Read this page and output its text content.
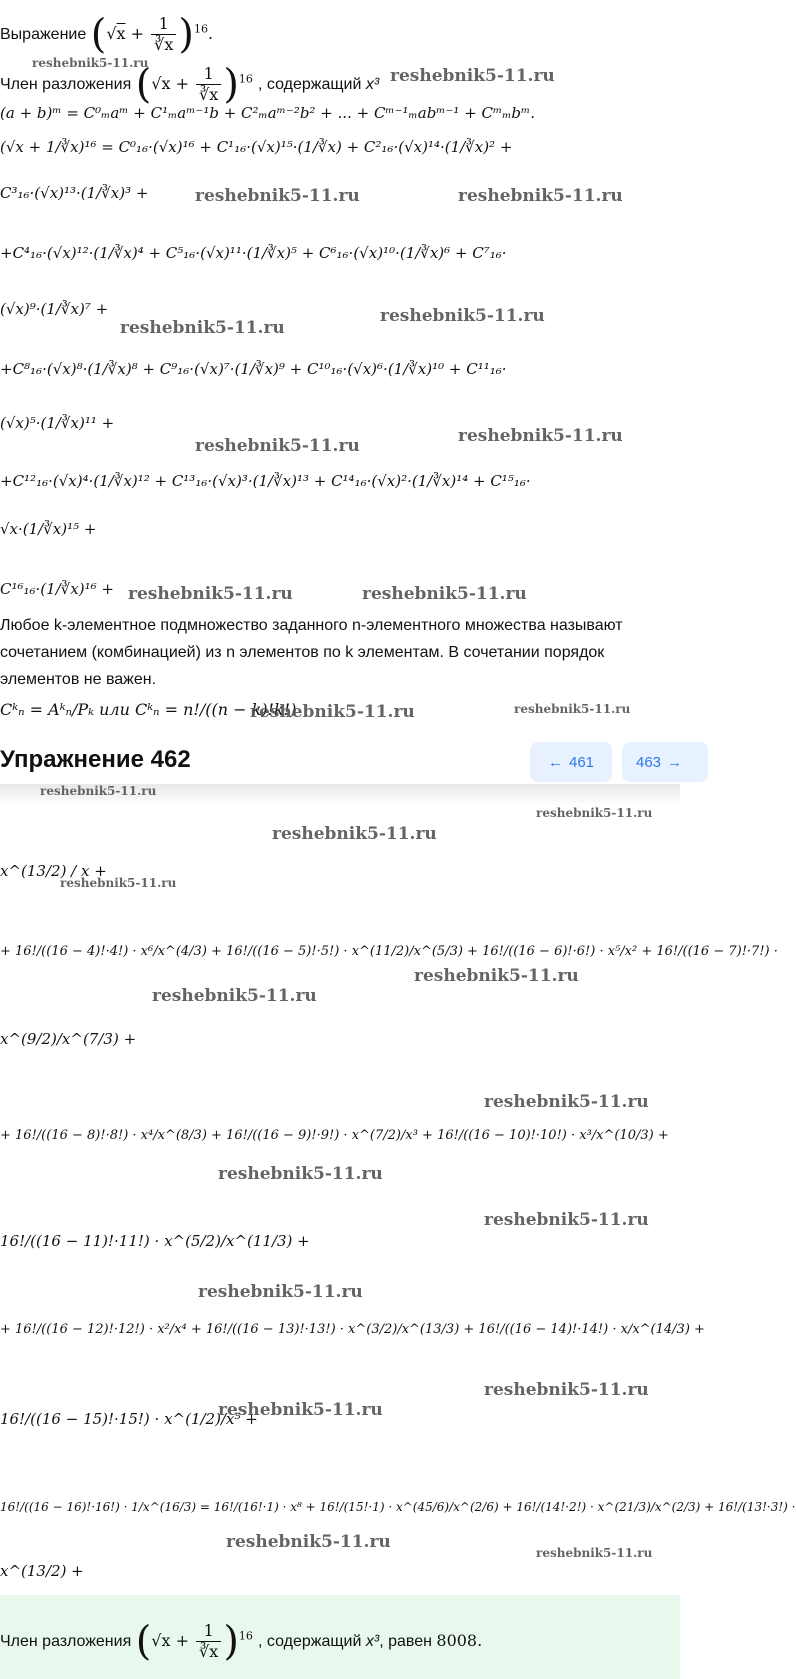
Выражение $(√x + \frac{1}{∛x} )^{16}$.
Член разложения $(√x + \frac{1}{∛x} )^{16}$ , содержащий x³
(a + b)ᵐ = C⁰ₘaᵐ + C¹ₘaᵐ⁻¹b + C²ₘaᵐ⁻²b² + ... + Cᵐ⁻¹ₘabᵐ⁻¹ + Cᵐₘbᵐ.
(√x + 1/∛x)¹⁶ = C⁰₁₆·(√x)¹⁶ + C¹₁₆·(√x)¹⁵·(1/∛x) + C²₁₆·(√x)¹⁴·(1/∛x)² +
C³₁₆·(√x)¹³·(1/∛x)³ +
+C⁴₁₆·(√x)¹²·(1/∛x)⁴ + C⁵₁₆·(√x)¹¹·(1/∛x)⁵ + C⁶₁₆·(√x)¹⁰·(1/∛x)⁶ + C⁷₁₆·
(√x)⁹·(1/∛x)⁷ +
+C⁸₁₆·(√x)⁸·(1/∛x)⁸ + C⁹₁₆·(√x)⁷·(1/∛x)⁹ + C¹⁰₁₆·(√x)⁶·(1/∛x)¹⁰ + C¹¹₁₆·
(√x)⁵·(1/∛x)¹¹ +
+C¹²₁₆·(√x)⁴·(1/∛x)¹² + C¹³₁₆·(√x)³·(1/∛x)¹³ + C¹⁴₁₆·(√x)²·(1/∛x)¹⁴ + C¹⁵₁₆·
√x·(1/∛x)¹⁵ +
C¹⁶₁₆·(1/∛x)¹⁶ +
Любое k-элементное подмножество заданного n-элементного множества называют сочетанием (комбинацией) из n элементов по k элементам. В сочетании порядок элементов не важен.
Cᵏₙ = Aᵏₙ/Pₖ или Cᵏₙ = n!/((n − k)!k!)
reshebnik5-11.ru
reshebnik5-11.ru
reshebnik5-11.ru	reshebnik5-11.ru
reshebnik5-11.ru
reshebnik5-11.ru
reshebnik5-11.ru	reshebnik5-11.ru
reshebnik5-11.ru	reshebnik5-11.ru
reshebnik5-11.ru	reshebnik5-11.ru
Упражнение 462	← 461	463 →
x^(13/2) / x +
+ 16!/((16 − 4)!·4!) · x⁶/x^(4/3) + 16!/((16 − 5)!·5!) · x^(11/2)/x^(5/3) + 16!/((16 − 6)!·6!) · x⁵/x² + 16!/((16 − 7)!·7!) ·
x^(9/2)/x^(7/3) +
+ 16!/((16 − 8)!·8!) · x⁴/x^(8/3) + 16!/((16 − 9)!·9!) · x^(7/2)/x³ + 16!/((16 − 10)!·10!) · x³/x^(10/3) +
16!/((16 − 11)!·11!) · x^(5/2)/x^(11/3) +
+ 16!/((16 − 12)!·12!) · x²/x⁴ + 16!/((16 − 13)!·13!) · x^(3/2)/x^(13/3) + 16!/((16 − 14)!·14!) · x/x^(14/3) +
16!/((16 − 15)!·15!) · x^(1/2)/x⁵ +
16!/((16 − 16)!·16!) · 1/x^(16/3) = 16!/(16!·1) · x⁸ + 16!/(15!·1) · x^(45/6)/x^(2/6) + 16!/(14!·2!) · x^(21/3)/x^(2/3) + 16!/(13!·3!) ·
x^(13/2) +
reshebnik5-11.ru
reshebnik5-11.ru
reshebnik5-11.ru
reshebnik5-11.ru
reshebnik5-11.ru
reshebnik5-11.ru
reshebnik5-11.ru
reshebnik5-11.ru
reshebnik5-11.ru
reshebnik5-11.ru
reshebnik5-11.ru
reshebnik5-11.ru
reshebnik5-11.ru
reshebnik5-11.ru
Член разложения $(√x + \frac{1}{∛x} )^{16}$ , содержащий x³, равен 8008.
